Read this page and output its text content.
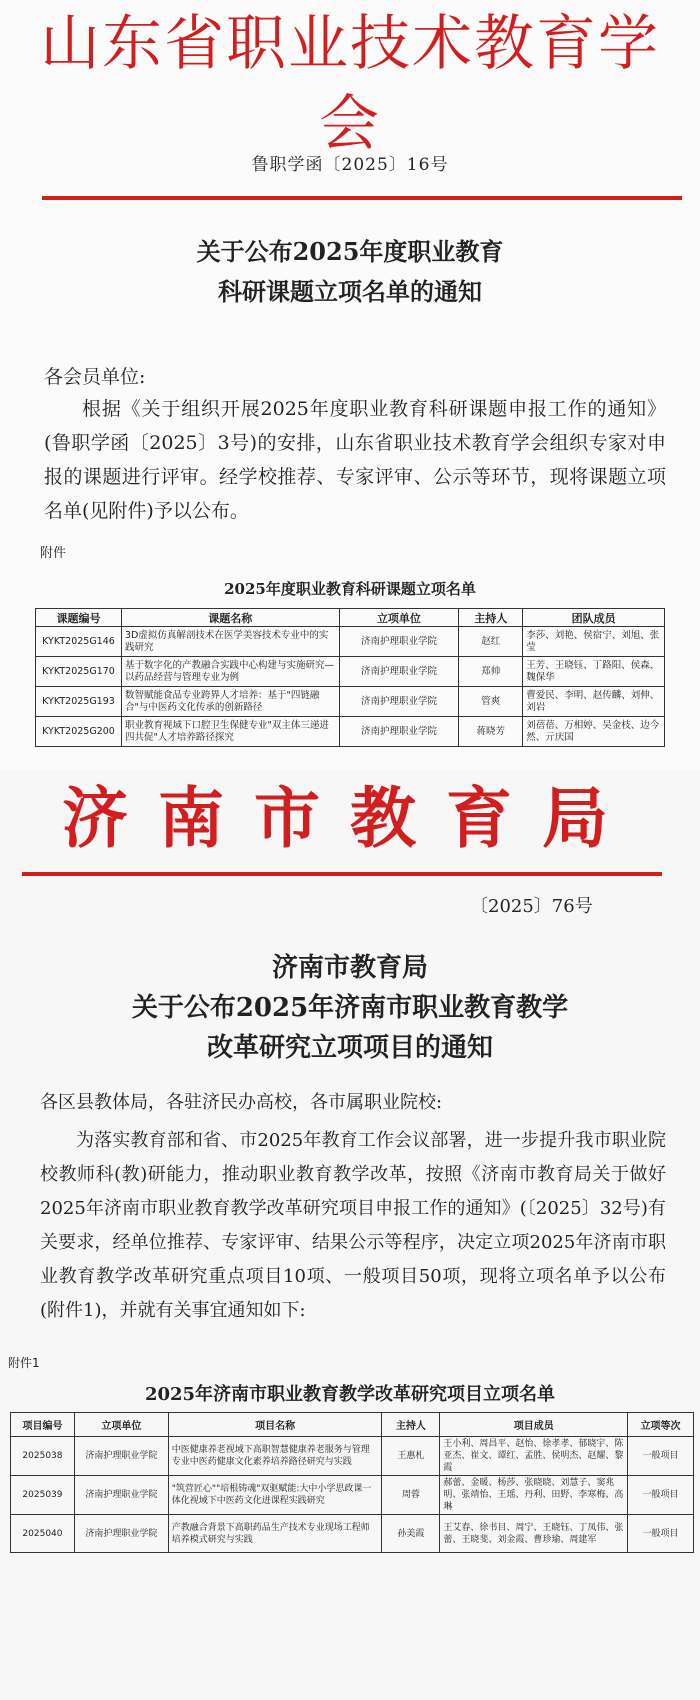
山东省职业技术教育学会
鲁职学函〔2025〕16号
关于公布2025年度职业教育
科研课题立项名单的通知
各会员单位:
根据《关于组织开展2025年度职业教育科研课题申报工作的通知》(鲁职学函〔2025〕3号)的安排，山东省职业技术教育学会组织专家对申报的课题进行评审。经学校推荐、专家评审、公示等环节，现将课题立项名单(见附件)予以公布。
附件
2025年度职业教育科研课题立项名单
课题编号	课题名称	立项单位	主持人	团队成员
KYKT2025G146	3D虚拟仿真解剖技术在医学美容技术专业中的实践研究	济南护理职业学院	赵红	李莎、刘艳、侯宿宁、刘旭、张莹
KYKT2025G170	基于数字化的产教融合实践中心构建与实施研究—以药品经营与管理专业为例	济南护理职业学院	郑帅	王芳、王晓钰、丁路阳、侯森、魏保华
KYKT2025G193	数智赋能食品专业跨界人才培养：基于"四链融合"与中医药文化传承的创新路径	济南护理职业学院	管爽	曹爱民、李明、赵传麟、刘伸、刘岩
KYKT2025G200	职业教育视域下口腔卫生保健专业"双主体三递进四共促"人才培养路径探究	济南护理职业学院	蒋晓芳	刘蓓蓓、万相婷、吴金枝、边今然、亓庆国
济南市教育局
〔2025〕76号
济南市教育局
关于公布2025年济南市职业教育教学
改革研究立项项目的通知
各区县教体局，各驻济民办高校，各市属职业院校:
为落实教育部和省、市2025年教育工作会议部署，进一步提升我市职业院校教师科(教)研能力，推动职业教育教学改革，按照《济南市教育局关于做好2025年济南市职业教育教学改革研究项目申报工作的通知》(〔2025〕32号)有关要求，经单位推荐、专家评审、结果公示等程序，决定立项2025年济南市职业教育教学改革研究重点项目10项、一般项目50项，现将立项名单予以公布(附件1)，并就有关事宜通知如下:
附件1
2025年济南市职业教育教学改革研究项目立项名单
项目编号	立项单位	项目名称	主持人	项目成员	立项等次
2025038	济南护理职业学院	中医健康养老视域下高职智慧健康养老服务与管理专业中医药健康文化素养培养路径研究与实践	王惠札	王小利、周昌平、赵怡、徐孝孝、郁晓宇、陈亚杰、崔文、谭红、孟胜、侯明杰、赵耀、黎霞	一般项目
2025039	济南护理职业学院	"筑营匠心""培根铸魂"双驱赋能:大中小学思政课一体化视域下中医药文化进课程实践研究	周蓉	郝蕾、金暖、杨莎、张晓晓、刘慧子、窦兆明、张靖怡、王瑶、丹利、田野、李寒梅、高琳	一般项目
2025040	济南护理职业学院	产教融合背景下高职药品生产技术专业现场工程师培养模式研究与实践	孙美霞	王艾春、徐书目、周宁、王晓钰、丁凤伟、张蕾、王晓斐、刘金霞、曹珍瑜、周建军	一般项目
